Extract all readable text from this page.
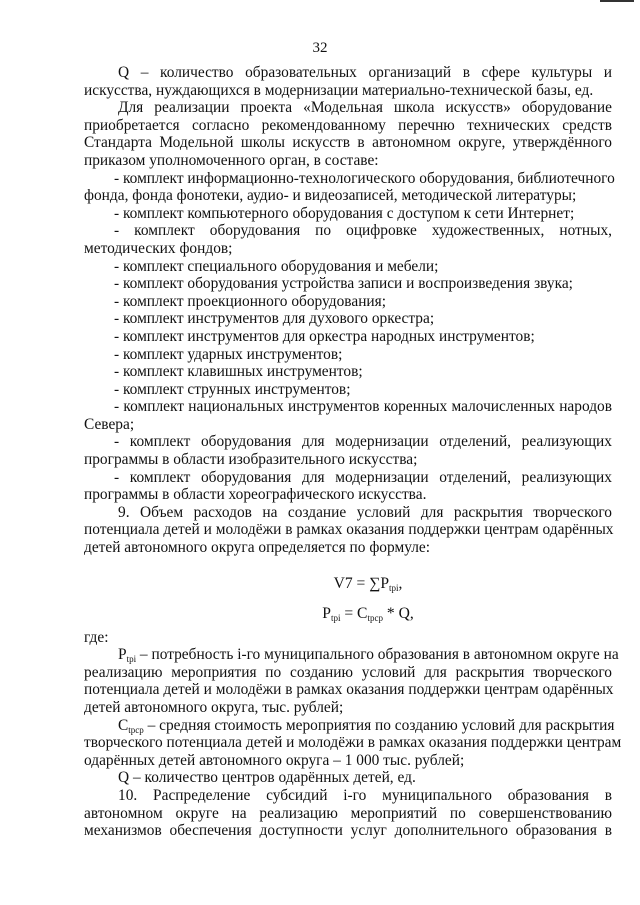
32
Q – количество образовательных организаций в сфере культуры и
искусства, нуждающихся в модернизации материально-технической базы, ед.
Для реализации проекта «Модельная школа искусств» оборудование
приобретается согласно рекомендованному перечню технических средств
Стандарта Модельной школы искусств в автономном округе, утверждённого
приказом уполномоченного орган, в составе:
- комплект информационно-технологического оборудования, библиотечного
фонда, фонда фонотеки, аудио- и видеозаписей, методической литературы;
- комплект компьютерного оборудования с доступом к сети Интернет;
- комплект оборудования по оцифровке художественных, нотных,
методических фондов;
- комплект специального оборудования и мебели;
- комплект оборудования устройства записи и воспроизведения звука;
- комплект проекционного оборудования;
- комплект инструментов для духового оркестра;
- комплект инструментов для оркестра народных инструментов;
- комплект ударных инструментов;
- комплект клавишных инструментов;
- комплект струнных инструментов;
- комплект национальных инструментов коренных малочисленных народов
Севера;
- комплект оборудования для модернизации отделений, реализующих
программы в области изобразительного искусства;
- комплект оборудования для модернизации отделений, реализующих
программы в области хореографического искусства.
9. Объем расходов на создание условий для раскрытия творческого
потенциала детей и молодёжи в рамках оказания поддержки центрам одарённых
детей автономного округа определяется по формуле:
$V7 = \sum P_{tpi}$,
$P_{tpi} = C_{tpcp} * Q$,
где:
$P_{tpi}$ – потребность i-го муниципального образования в автономном округе на
реализацию мероприятия по созданию условий для раскрытия творческого
потенциала детей и молодёжи в рамках оказания поддержки центрам одарённых
детей автономного округа, тыс. рублей;
$C_{tpcp}$ – средняя стоимость мероприятия по созданию условий для раскрытия
творческого потенциала детей и молодёжи в рамках оказания поддержки центрам
одарённых детей автономного округа – 1 000 тыс. рублей;
Q – количество центров одарённых детей, ед.
10. Распределение субсидий i-го муниципального образования в
автономном округе на реализацию мероприятий по совершенствованию
механизмов обеспечения доступности услуг дополнительного образования в
